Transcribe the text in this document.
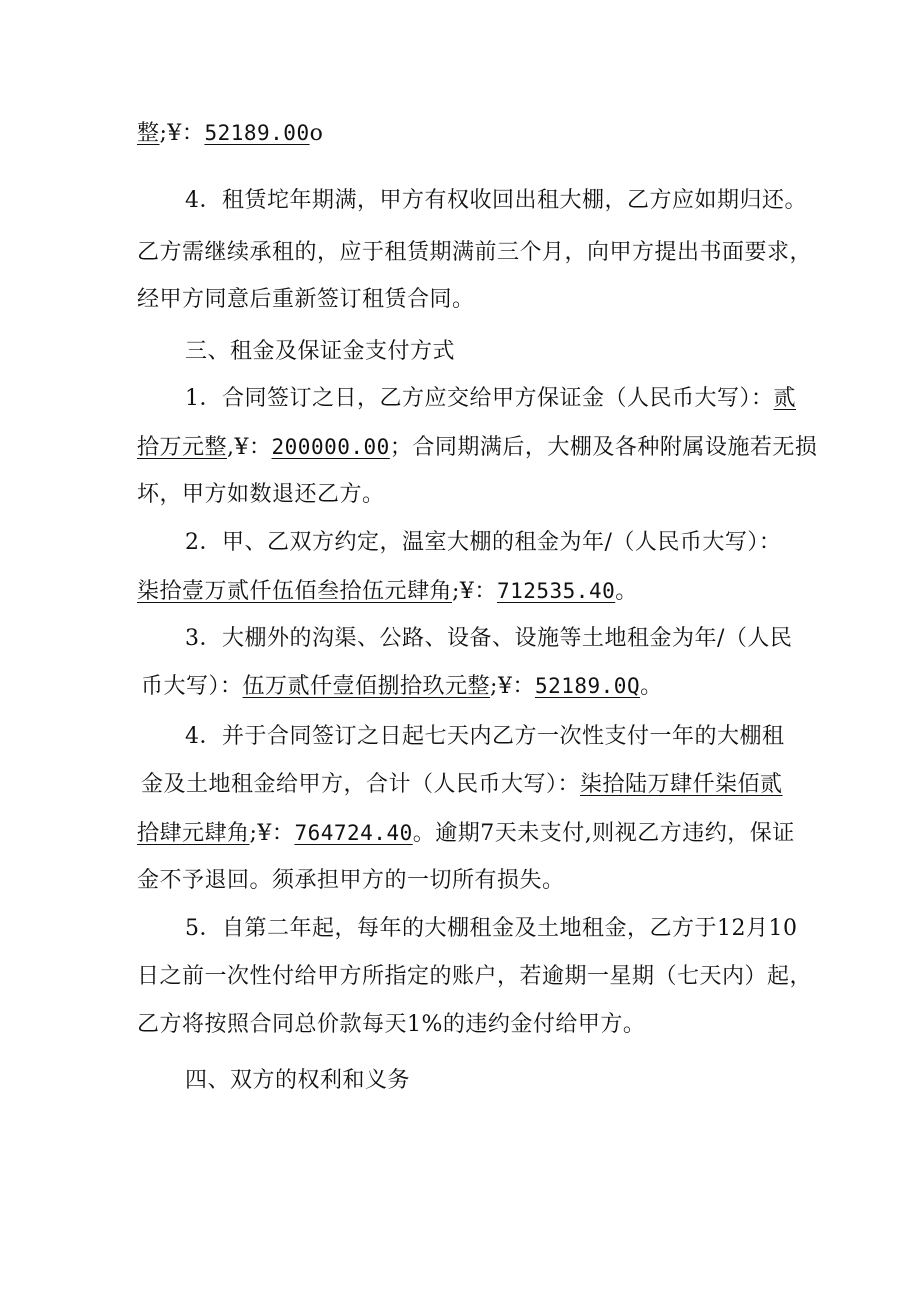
整;¥：52189.00o
4．租赁坨年期满，甲方有权收回出租大棚，乙方应如期归还。
乙方需继续承租的，应于租赁期满前三个月，向甲方提出书面要求，
经甲方同意后重新签订租赁合同。
三、租金及保证金支付方式
1．合同签订之日，乙方应交给甲方保证金（人民币大写）：贰
拾万元整,¥：200000.00；合同期满后，大棚及各种附属设施若无损
坏，甲方如数退还乙方。
2．甲、乙双方约定，温室大棚的租金为年/（人民币大写）：
柒拾壹万贰仟伍佰叁拾伍元肆角;¥：712535.40。
3．大棚外的沟渠、公路、设备、设施等土地租金为年/（人民
币大写）：伍万贰仟壹佰捌拾玖元整;¥：52189.0Q。
4．并于合同签订之日起七天内乙方一次性支付一年的大棚租
金及土地租金给甲方，合计（人民币大写）：柒拾陆万肆仟柒佰贰
拾肆元肆角;¥：764724.40。逾期7天未支付,则视乙方违约，保证
金不予退回。须承担甲方的一切所有损失。
5．自第二年起，每年的大棚租金及土地租金，乙方于12月10
日之前一次性付给甲方所指定的账户，若逾期一星期（七天内）起，
乙方将按照合同总价款每天1%的违约金付给甲方。
四、双方的权利和义务
